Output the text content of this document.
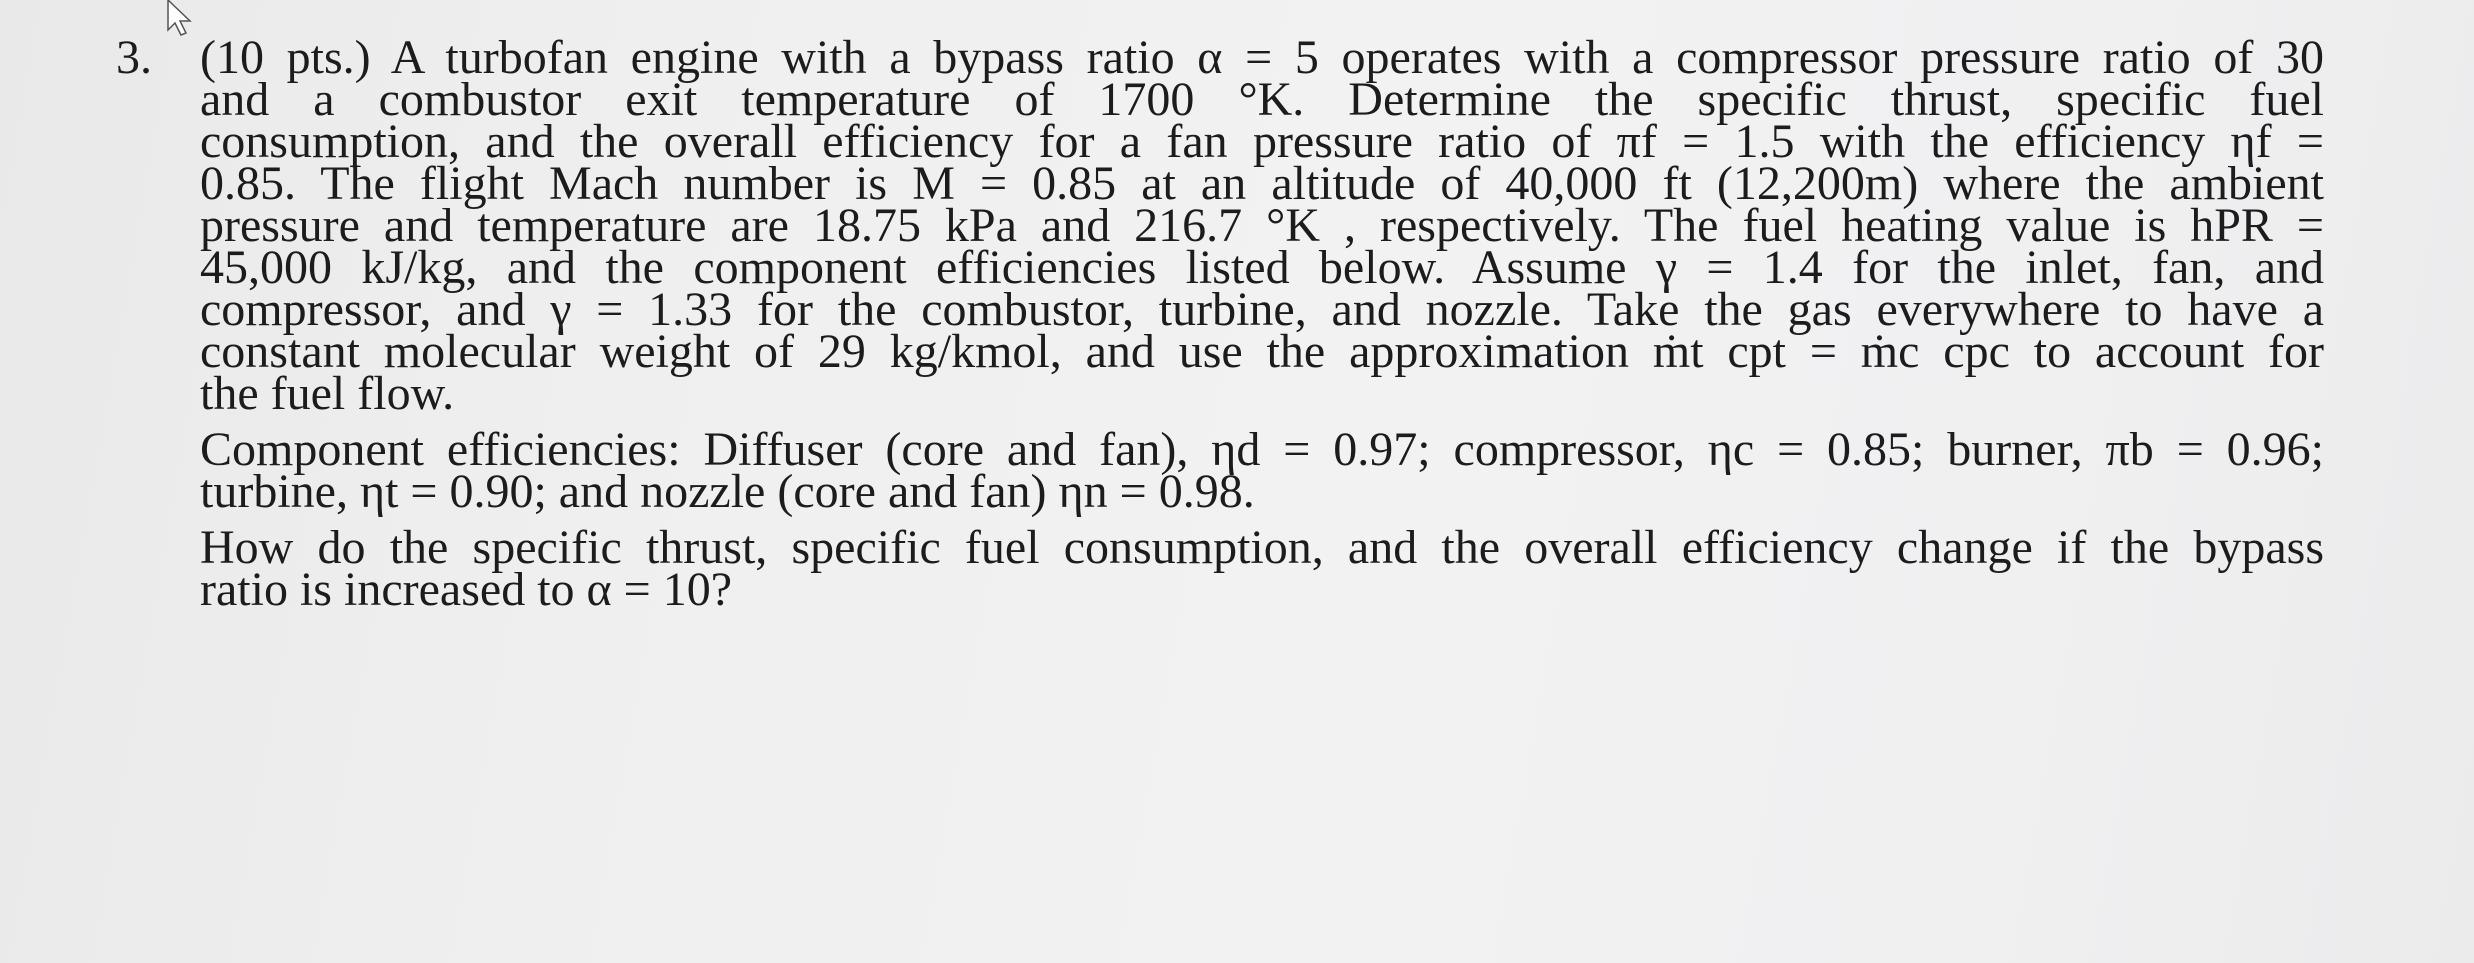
3. (10 pts.) A turbofan engine with a bypass ratio α = 5 operates with a compressor pressure ratio of 30
and a combustor exit temperature of 1700 °K. Determine the specific thrust, specific fuel
consumption, and the overall efficiency for a fan pressure ratio of πf = 1.5 with the efficiency ηf =
0.85. The flight Mach number is M = 0.85 at an altitude of 40,000 ft (12,200m) where the ambient
pressure and temperature are 18.75 kPa and 216.7 °K , respectively. The fuel heating value is hPR =
45,000 kJ/kg, and the component efficiencies listed below. Assume γ = 1.4 for the inlet, fan, and
compressor, and γ = 1.33 for the combustor, turbine, and nozzle. Take the gas everywhere to have a
constant molecular weight of 29 kg/kmol, and use the approximation ṁt cpt = ṁc cpc to account for
the fuel flow.
Component efficiencies: Diffuser (core and fan), ηd = 0.97; compressor, ηc = 0.85; burner, πb = 0.96;
turbine, ηt = 0.90; and nozzle (core and fan) ηn = 0.98.
How do the specific thrust, specific fuel consumption, and the overall efficiency change if the bypass
ratio is increased to α = 10?
